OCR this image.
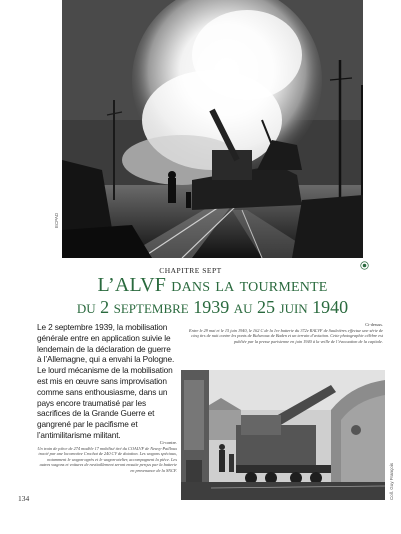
ECPAD
CHAPITRE SEPT
L’ALVF dans la tourmente
du 2 septembre 1939 au 25 juin 1940
Le 2 septembre 1939, la mobilisation générale entre en application suivie le lendemain de la déclaration de guerre à l’Allemagne, qui a envahi la Pologne. Le lourd mécanisme de la mobilisation est mis en œuvre sans improvisation comme sans enthousiasme, dans un pays encore traumatisé par les sacrifices de la Grande Guerre et gangrené par le pacifisme et l’antimilitarisme militant.
Ci-dessus.
Entre le 29 mai et le 15 juin 1940, le 162 C de la 1re batterie du 372e RALVF de Saulnières effectue une série de cinq tirs de nuit contre les ponts de Bulweaux de Baden et un terrain d’aviation. Cette photographie célèbre est publiée par la presse parisienne en juin 1940 à la veille de l’évacuation de la capitale.
Ci-contre.
Un train de pièce de 274 modèle 17 mobilisé tiré du COALVF de Neuvy-Pailloux tracté par une locomotive Crochat de 240 CV de dotation. Les wagons spéciaux, notamment le wagon-agrès et le wagon-atelier, accompagnent la pièce. Les autres wagons et voitures de ravitaillement seront ensuite perçus par la batterie en provenance de la SNCF.	Coll. Guy François
134
